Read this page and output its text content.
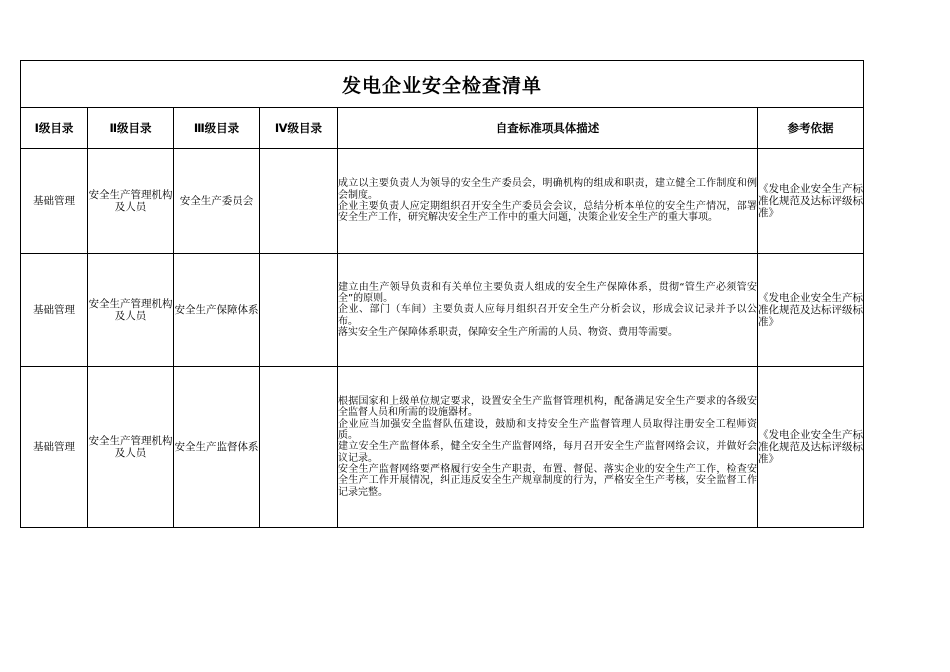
发电企业安全检查清单					
Ⅰ级目录	Ⅱ级目录	Ⅲ级目录	Ⅳ级目录	自查标准项具体描述	参考依据
基础管理	安全生产管理机构及人员	安全生产委员会		成立以主要负责人为领导的安全生产委员会，明确机构的组成和职责，建立健全工作制度和例会制度。
企业主要负责人应定期组织召开安全生产委员会会议，总结分析本单位的安全生产情况，部署安全生产工作，研究解决安全生产工作中的重大问题，决策企业安全生产的重大事项。	《发电企业安全生产标准化规范及达标评级标准》
基础管理	安全生产管理机构及人员	安全生产保障体系		建立由生产领导负责和有关单位主要负责人组成的安全生产保障体系，贯彻“管生产必须管安全”的原则。
企业、部门（车间）主要负责人应每月组织召开安全生产分析会议，形成会议记录并予以公布。
落实安全生产保障体系职责，保障安全生产所需的人员、物资、费用等需要。	《发电企业安全生产标准化规范及达标评级标准》
基础管理	安全生产管理机构及人员	安全生产监督体系		根据国家和上级单位规定要求，设置安全生产监督管理机构，配备满足安全生产要求的各级安全监督人员和所需的设施器材。
企业应当加强安全监督队伍建设，鼓励和支持安全生产监督管理人员取得注册安全工程师资质。
建立安全生产监督体系，健全安全生产监督网络，每月召开安全生产监督网络会议，并做好会议记录。
安全生产监督网络要严格履行安全生产职责，布置、督促、落实企业的安全生产工作，检查安全生产工作开展情况，纠正违反安全生产规章制度的行为，严格安全生产考核，安全监督工作记录完整。	《发电企业安全生产标准化规范及达标评级标准》
